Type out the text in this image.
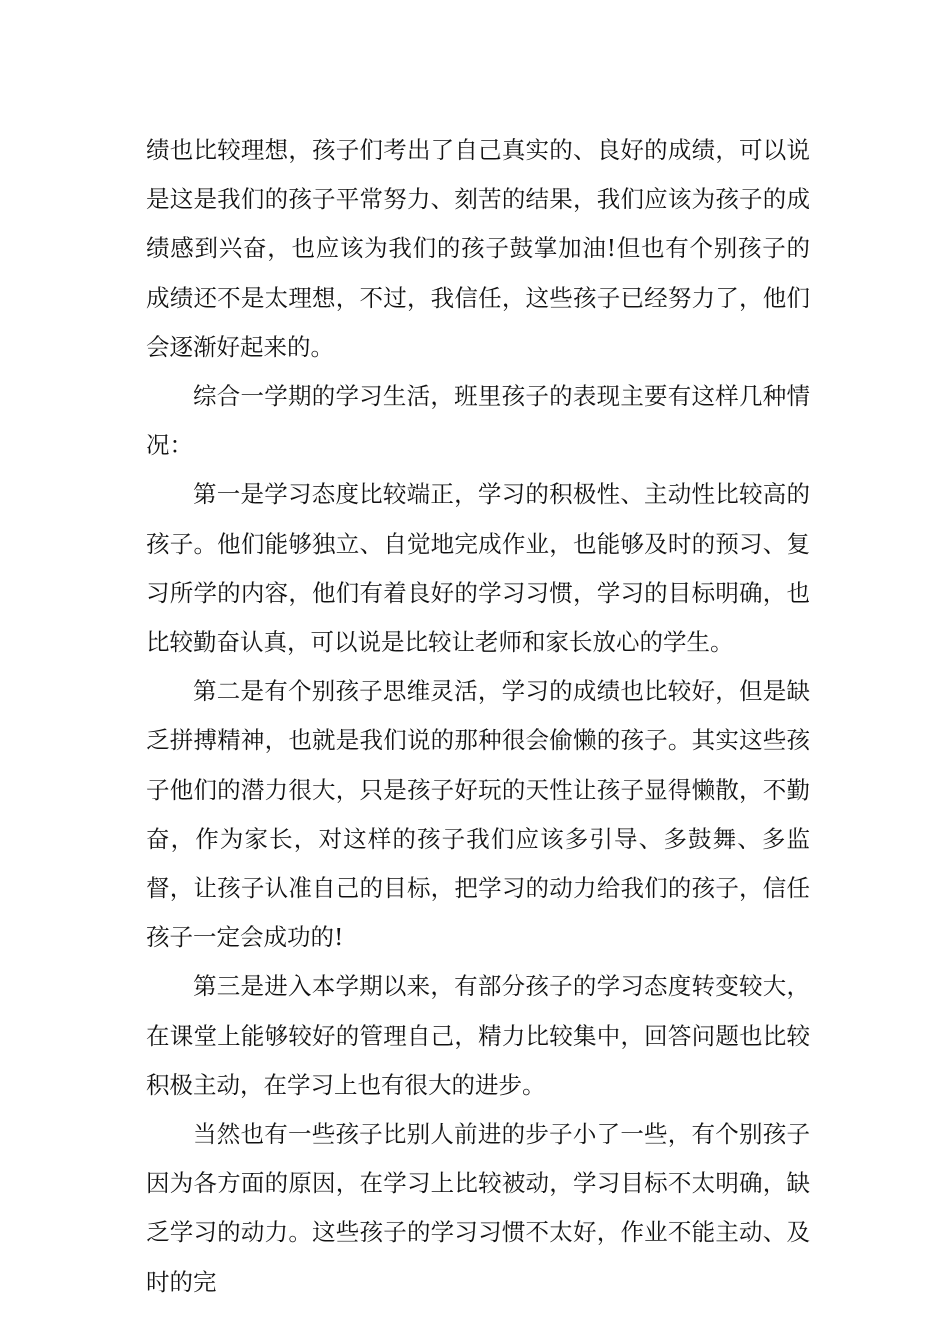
绩也比较理想，孩子们考出了自己真实的、良好的成绩，可以说是这是我们的孩子平常努力、刻苦的结果，我们应该为孩子的成绩感到兴奋，也应该为我们的孩子鼓掌加油!但也有个别孩子的成绩还不是太理想，不过，我信任，这些孩子已经努力了，他们会逐渐好起来的。

综合一学期的学习生活，班里孩子的表现主要有这样几种情况：

第一是学习态度比较端正，学习的积极性、主动性比较高的孩子。他们能够独立、自觉地完成作业，也能够及时的预习、复习所学的内容，他们有着良好的学习习惯，学习的目标明确，也比较勤奋认真，可以说是比较让老师和家长放心的学生。

第二是有个别孩子思维灵活，学习的成绩也比较好，但是缺乏拼搏精神，也就是我们说的那种很会偷懒的孩子。其实这些孩子他们的潜力很大，只是孩子好玩的天性让孩子显得懒散，不勤奋，作为家长，对这样的孩子我们应该多引导、多鼓舞、多监督，让孩子认准自己的目标，把学习的动力给我们的孩子，信任孩子一定会成功的!

第三是进入本学期以来，有部分孩子的学习态度转变较大，在课堂上能够较好的管理自己，精力比较集中，回答问题也比较积极主动，在学习上也有很大的进步。

当然也有一些孩子比别人前进的步子小了一些，有个别孩子因为各方面的原因，在学习上比较被动，学习目标不太明确，缺乏学习的动力。这些孩子的学习习惯不太好，作业不能主动、及时的完
